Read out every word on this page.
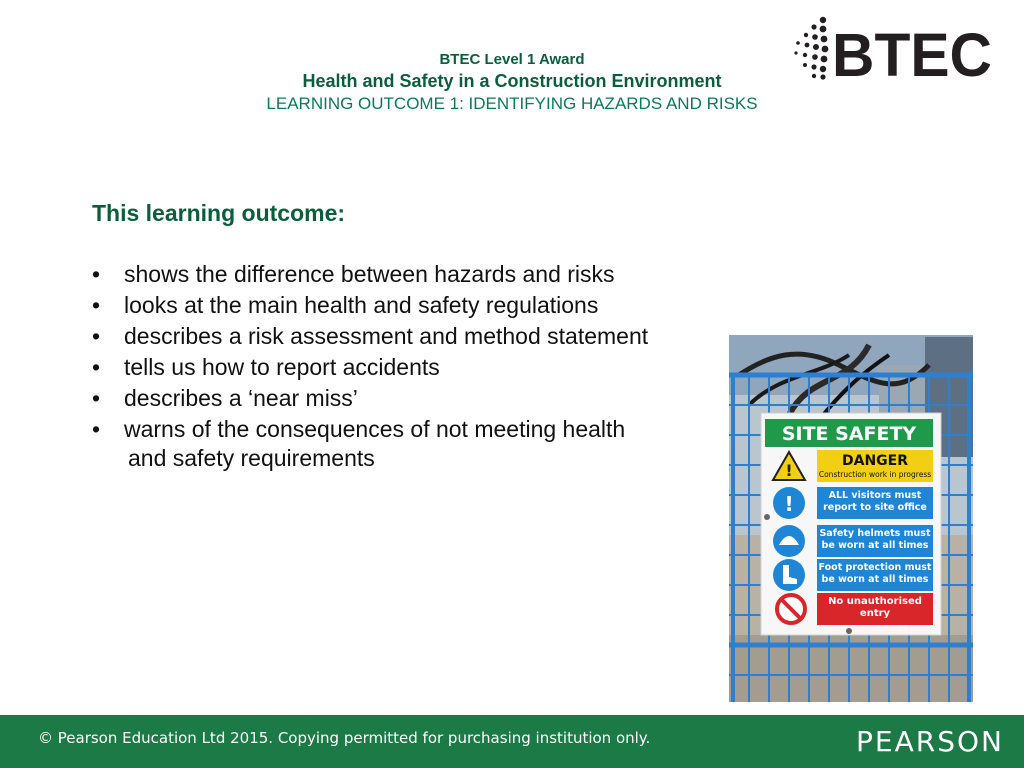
BTEC Level 1 Award
Health and Safety in a Construction Environment
LEARNING OUTCOME 1: IDENTIFYING HAZARDS AND RISKS
BTEC
This learning outcome:
• shows the difference between hazards and risks
• looks at the main health and safety regulations
• describes a risk assessment and method statement
• tells us how to report accidents
• describes a ‘near miss’
• warns of the consequences of not meeting health
and safety requirements
SITE SAFETY
!	DANGER
Construction work in progress
!	ALL visitors must report to site office
Safety helmets must be worn at all times
Foot protection must be worn at all times
No unauthorised entry
© Pearson Education Ltd 2015. Copying permitted for purchasing institution only.	PEARSON
